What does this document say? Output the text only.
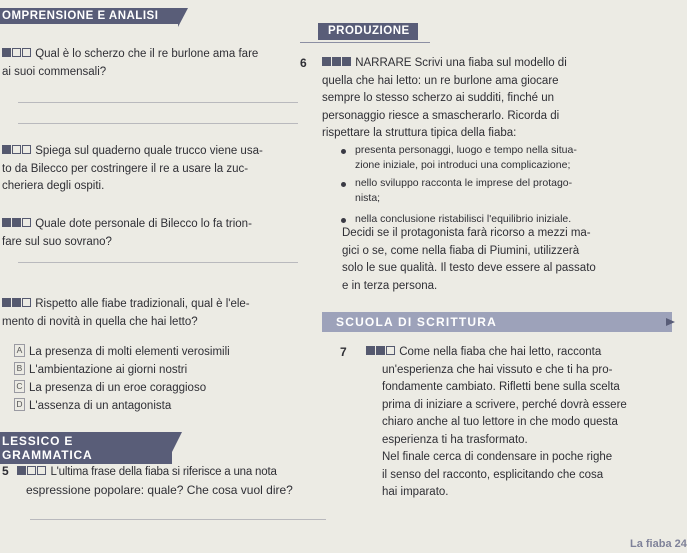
OMPRENSIONE E ANALISI
Qual è lo scherzo che il re burlone ama fare
ai suoi commensali?
Spiega sul quaderno quale trucco viene usa-
to da Bilecco per costringere il re a usare la zuc-
cheriera degli ospiti.
Quale dote personale di Bilecco lo fa trion-
fare sul suo sovrano?
Rispetto alle fiabe tradizionali, qual è l'ele-
mento di novità in quella che hai letto?
A La presenza di molti elementi verosimili
B L'ambientazione ai giorni nostri
C La presenza di un eroe coraggioso
D L'assenza di un antagonista
LESSICO E GRAMMATICA
5	L'ultima frase della fiaba si riferisce a una nota
espressione popolare: quale? Che cosa vuol dire?
PRODUZIONE
6	NARRARE Scrivi una fiaba sul modello di
quella che hai letto: un re burlone ama giocare
sempre lo stesso scherzo ai sudditi, finché un
personaggio riesce a smascherarlo. Ricorda di
rispettare la struttura tipica della fiaba:
presenta personaggi, luogo e tempo nella situa-
zione iniziale, poi introduci una complicazione;
nello sviluppo racconta le imprese del protago-
nista;
nella conclusione ristabilisci l'equilibrio iniziale.
Decidi se il protagonista farà ricorso a mezzi ma-
gici o se, come nella fiaba di Piumini, utilizzerà
solo le sue qualità. Il testo deve essere al passato
e in terza persona.
SCUOLA DI SCRITTURA
7	Come nella fiaba che hai letto, racconta
un'esperienza che hai vissuto e che ti ha pro-
fondamente cambiato. Rifletti bene sulla scelta
prima di iniziare a scrivere, perché dovrà essere
chiaro anche al tuo lettore in che modo questa
esperienza ti ha trasformato.
Nel finale cerca di condensare in poche righe
il senso del racconto, esplicitando che cosa
hai imparato.
La fiaba 24
